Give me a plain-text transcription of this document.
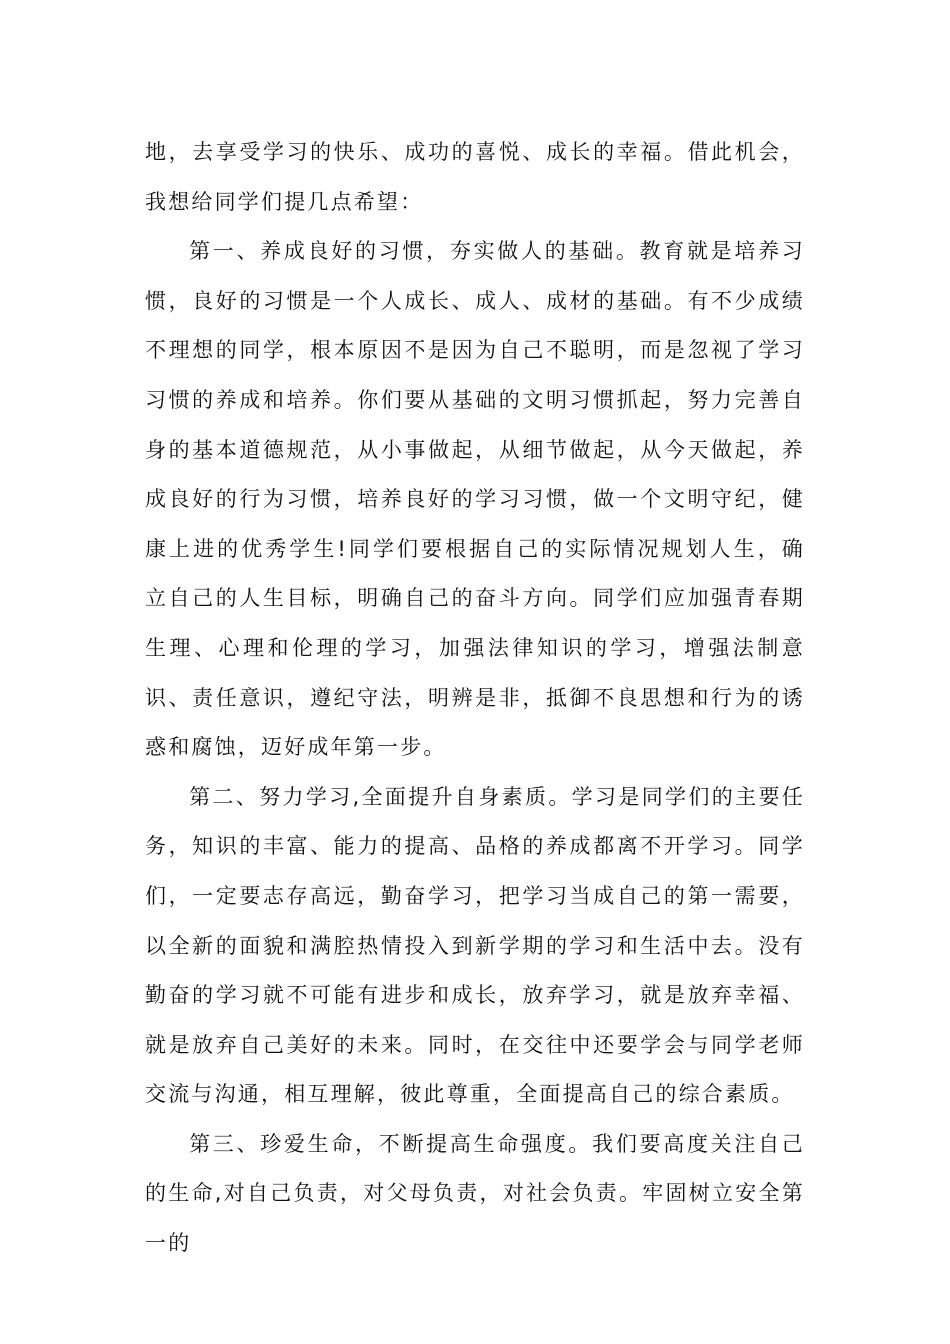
地，去享受学习的快乐、成功的喜悦、成长的幸福。借此机会，我想给同学们提几点希望：

第一、养成良好的习惯，夯实做人的基础。教育就是培养习惯，良好的习惯是一个人成长、成人、成材的基础。有不少成绩不理想的同学，根本原因不是因为自己不聪明，而是忽视了学习习惯的养成和培养。你们要从基础的文明习惯抓起，努力完善自身的基本道德规范，从小事做起，从细节做起，从今天做起，养成良好的行为习惯，培养良好的学习习惯，做一个文明守纪，健康上进的优秀学生!同学们要根据自己的实际情况规划人生，确立自己的人生目标，明确自己的奋斗方向。同学们应加强青春期生理、心理和伦理的学习，加强法律知识的学习，增强法制意识、责任意识，遵纪守法，明辨是非，抵御不良思想和行为的诱惑和腐蚀，迈好成年第一步。

第二、努力学习,全面提升自身素质。学习是同学们的主要任务，知识的丰富、能力的提高、品格的养成都离不开学习。同学们，一定要志存高远，勤奋学习，把学习当成自己的第一需要，以全新的面貌和满腔热情投入到新学期的学习和生活中去。没有勤奋的学习就不可能有进步和成长，放弃学习，就是放弃幸福、就是放弃自己美好的未来。同时，在交往中还要学会与同学老师交流与沟通，相互理解，彼此尊重，全面提高自己的综合素质。

第三、珍爱生命，不断提高生命强度。我们要高度关注自己的生命,对自己负责，对父母负责，对社会负责。牢固树立安全第一的
